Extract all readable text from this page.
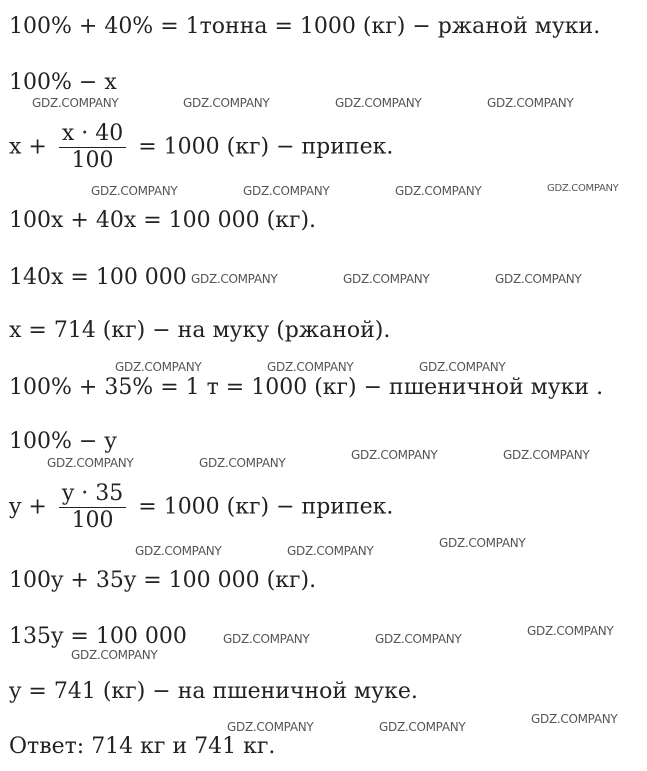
100% + 40% = 1тонна = 1000 (кг) − ржаной муки.
100% − x
$x + \frac{x \cdot 40}{100} = 1000$ (кг) − припек.
100x + 40x = 100 000 (кг).
140x = 100 000
x = 714 (кг) − на муку (ржаной).
100% + 35% = 1 т = 1000 (кг) − пшеничной муки .
100% − y
$y + \frac{y \cdot 35}{100} = 1000$ (кг) − припек.
100y + 35y = 100 000 (кг).
135y = 100 000
y = 741 (кг) − на пшеничной муке.
Ответ: 714 кг и 741 кг.
GDZ.COMPANY	GDZ.COMPANY	GDZ.COMPANY	GDZ.COMPANY
GDZ.COMPANY	GDZ.COMPANY	GDZ.COMPANY	GDZ.COMPANY
GDZ.COMPANY	GDZ.COMPANY	GDZ.COMPANY
GDZ.COMPANY	GDZ.COMPANY	GDZ.COMPANY
GDZ.COMPANY	GDZ.COMPANY
GDZ.COMPANY	GDZ.COMPANY
GDZ.COMPANY	GDZ.COMPANY
GDZ.COMPANY
GDZ.COMPANY	GDZ.COMPANY
GDZ.COMPANY
GDZ.COMPANY
GDZ.COMPANY	GDZ.COMPANY
GDZ.COMPANY
